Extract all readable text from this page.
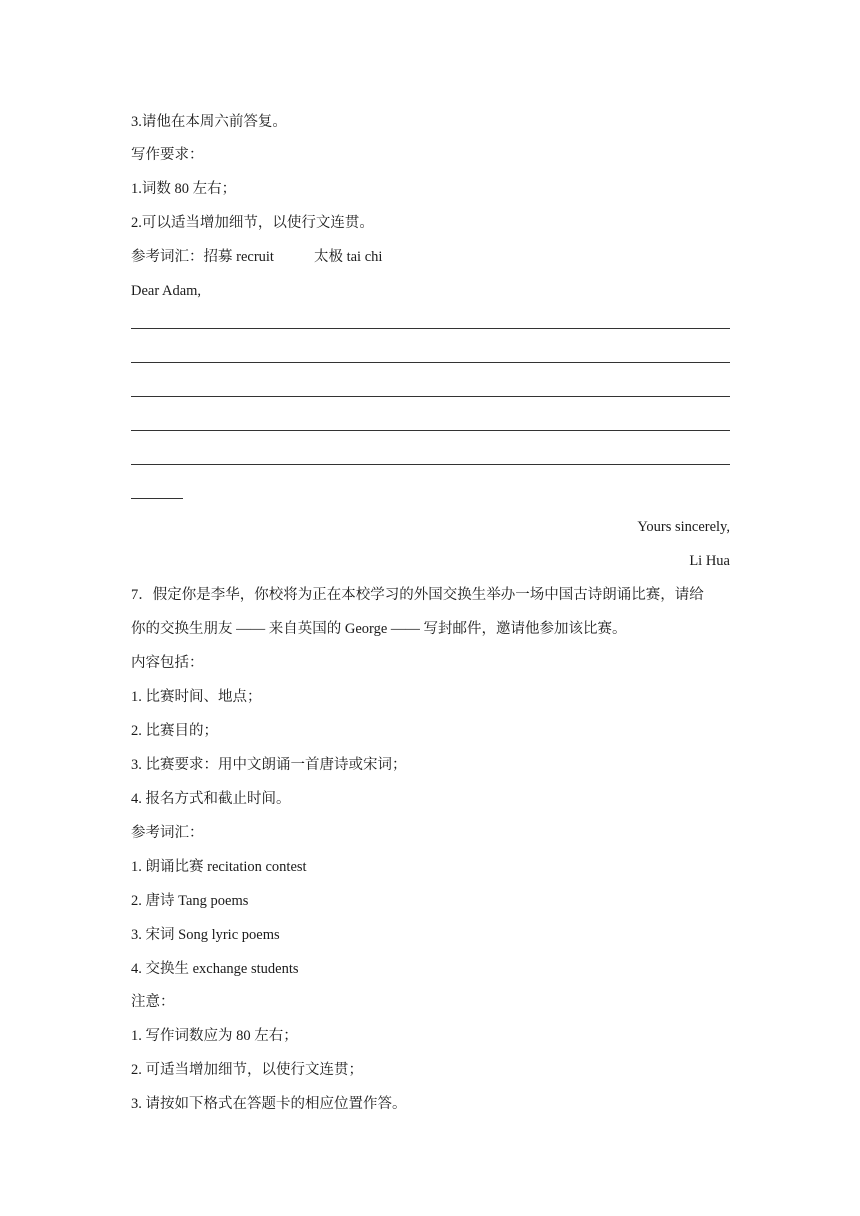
3.请他在本周六前答复。
写作要求：
1.词数 80 左右；
2.可以适当增加细节，以使行文连贯。
参考词汇：招募 recruit	太极 tai chi
Dear Adam,
Yours sincerely,
Li Hua
7．假定你是李华，你校将为正在本校学习的外国交换生举办一场中国古诗朗诵比赛，请给
你的交换生朋友 —— 来自英国的 George —— 写封邮件，邀请他参加该比赛。
内容包括：
1. 比赛时间、地点；
2. 比赛目的；
3. 比赛要求：用中文朗诵一首唐诗或宋词；
4. 报名方式和截止时间。
参考词汇：
1. 朗诵比赛 recitation contest
2. 唐诗 Tang poems
3. 宋词 Song lyric poems
4. 交换生 exchange students
注意：
1. 写作词数应为 80 左右；
2. 可适当增加细节，以使行文连贯；
3. 请按如下格式在答题卡的相应位置作答。
